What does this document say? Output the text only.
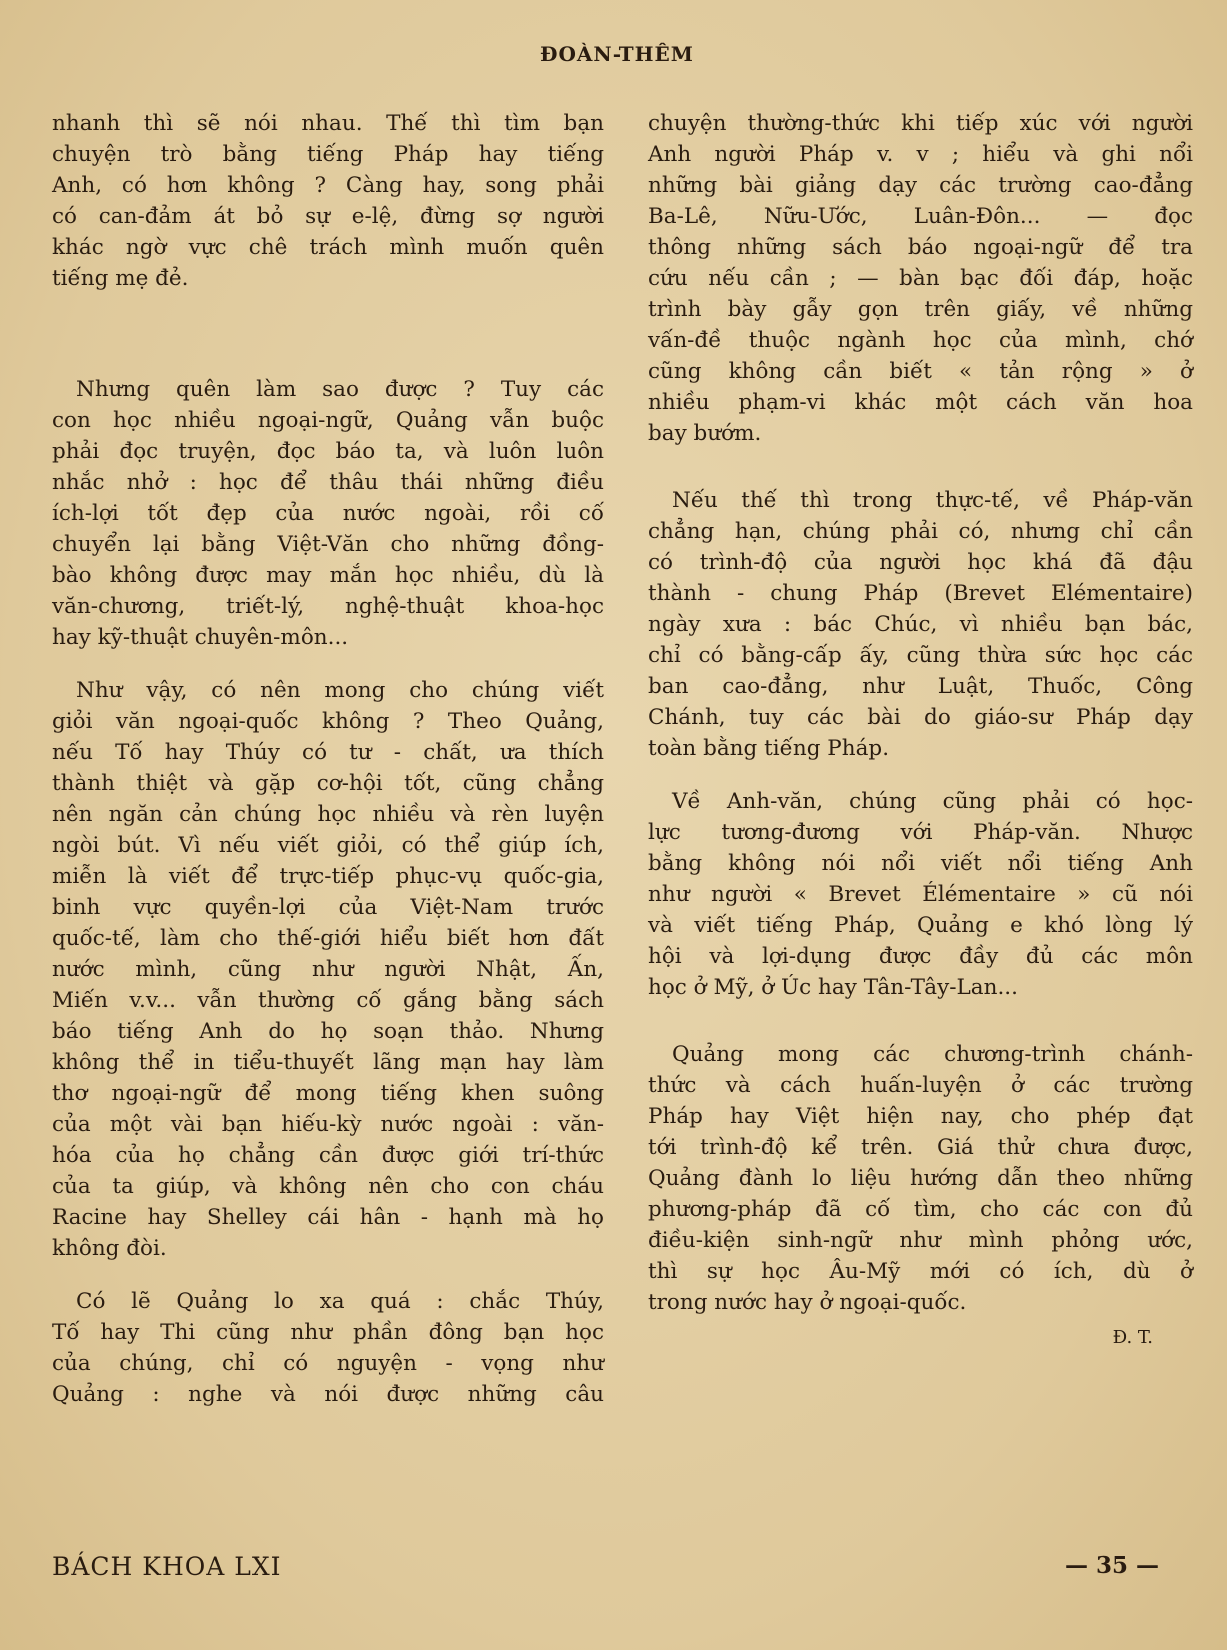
ĐOÀN-THÊM
nhanh thì sẽ nói nhau. Thế thì tìm bạn
chuyện trò bằng tiếng Pháp hay tiếng
Anh, có hơn không ? Càng hay, song phải
có can-đảm át bỏ sự e-lệ, đừng sợ người
khác ngờ vực chê trách mình muốn quên
tiếng mẹ đẻ.
Nhưng quên làm sao được ? Tuy các
con học nhiều ngoại-ngữ, Quảng vẫn buộc
phải đọc truyện, đọc báo ta, và luôn luôn
nhắc nhở : học để thâu thái những điều
ích-lợi tốt đẹp của nước ngoài, rồi cố
chuyển lại bằng Việt-Văn cho những đồng-
bào không được may mắn học nhiều, dù là
văn-chương, triết-lý, nghệ-thuật khoa-học
hay kỹ-thuật chuyên-môn...
Như vậy, có nên mong cho chúng viết
giỏi văn ngoại-quốc không ? Theo Quảng,
nếu Tố hay Thúy có tư - chất, ưa thích
thành thiệt và gặp cơ-hội tốt, cũng chẳng
nên ngăn cản chúng học nhiều và rèn luyện
ngòi bút. Vì nếu viết giỏi, có thể giúp ích,
miễn là viết để trực-tiếp phục-vụ quốc-gia,
binh vực quyền-lợi của Việt-Nam trước
quốc-tế, làm cho thế-giới hiểu biết hơn đất
nước mình, cũng như người Nhật, Ấn,
Miến v.v... vẫn thường cố gắng bằng sách
báo tiếng Anh do họ soạn thảo. Nhưng
không thể in tiểu-thuyết lãng mạn hay làm
thơ ngoại-ngữ để mong tiếng khen suông
của một vài bạn hiếu-kỳ nước ngoài : văn-
hóa của họ chẳng cần được giới trí-thức
của ta giúp, và không nên cho con cháu
Racine hay Shelley cái hân - hạnh mà họ
không đòi.
Có lẽ Quảng lo xa quá : chắc Thúy,
Tố hay Thi cũng như phần đông bạn học
của chúng, chỉ có nguyện - vọng như
Quảng : nghe và nói được những câu
chuyện thường-thức khi tiếp xúc với người
Anh người Pháp v. v ; hiểu và ghi nổi
những bài giảng dạy các trường cao-đẳng
Ba-Lê, Nữu-Ước, Luân-Đôn... — đọc
thông những sách báo ngoại-ngữ để tra
cứu nếu cần ; — bàn bạc đối đáp, hoặc
trình bày gẫy gọn trên giấy, về những
vấn-đề thuộc ngành học của mình, chớ
cũng không cần biết « tản rộng » ở
nhiều phạm-vi khác một cách văn hoa
bay bướm.
Nếu thế thì trong thực-tế, về Pháp-văn
chẳng hạn, chúng phải có, nhưng chỉ cần
có trình-độ của người học khá đã đậu
thành - chung Pháp (Brevet Elémentaire)
ngày xưa : bác Chúc, vì nhiều bạn bác,
chỉ có bằng-cấp ấy, cũng thừa sức học các
ban cao-đẳng, như Luật, Thuốc, Công
Chánh, tuy các bài do giáo-sư Pháp dạy
toàn bằng tiếng Pháp.
Về Anh-văn, chúng cũng phải có học-
lực tương-đương với Pháp-văn. Nhược
bằng không nói nổi viết nổi tiếng Anh
như người « Brevet Élémentaire » cũ nói
và viết tiếng Pháp, Quảng e khó lòng lý
hội và lợi-dụng được đầy đủ các môn
học ở Mỹ, ở Úc hay Tân-Tây-Lan...
Quảng mong các chương-trình chánh-
thức và cách huấn-luyện ở các trường
Pháp hay Việt hiện nay, cho phép đạt
tới trình-độ kể trên. Giá thử chưa được,
Quảng đành lo liệu hướng dẫn theo những
phương-pháp đã cố tìm, cho các con đủ
điều-kiện sinh-ngữ như mình phỏng ước,
thì sự học Âu-Mỹ mới có ích, dù ở
trong nước hay ở ngoại-quốc.
Đ. T.
BÁCH KHOA LXI	— 35 —
